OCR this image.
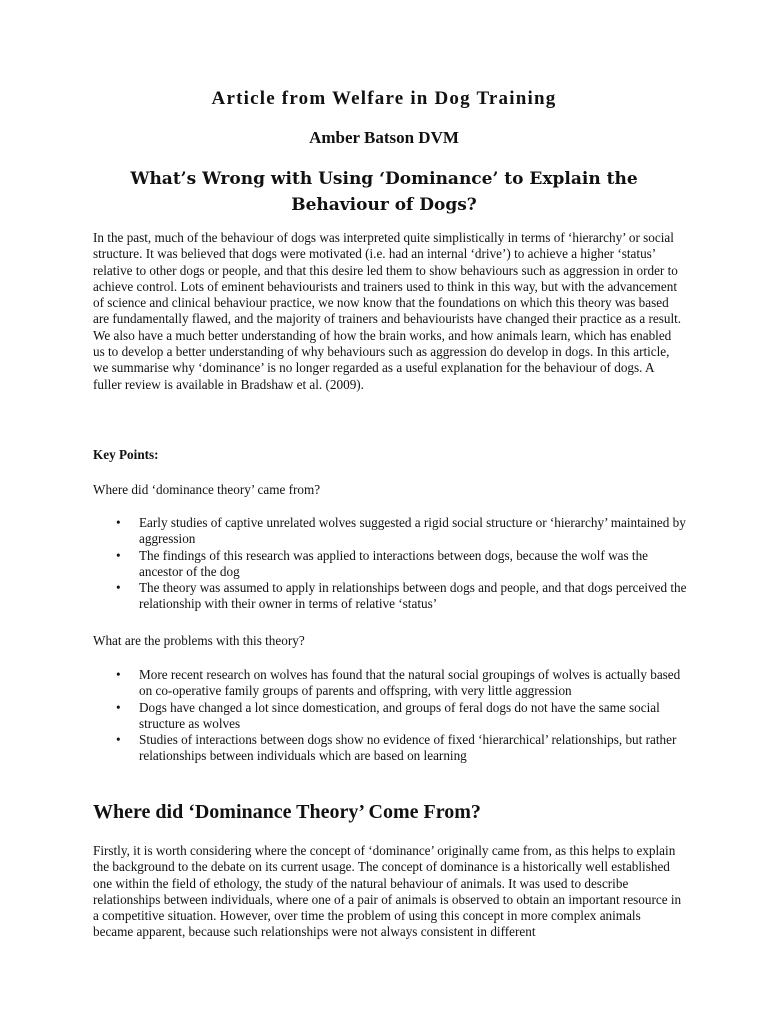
Article from Welfare in Dog Training
Amber Batson DVM
What’s Wrong with Using ‘Dominance’ to Explain the Behaviour of Dogs?
In the past, much of the behaviour of dogs was interpreted quite simplistically in terms of ‘hierarchy’ or social structure. It was believed that dogs were motivated (i.e. had an internal ‘drive’) to achieve a higher ‘status’ relative to other dogs or people, and that this desire led them to show behaviours such as aggression in order to achieve control. Lots of eminent behaviourists and trainers used to think in this way, but with the advancement of science and clinical behaviour practice, we now know that the foundations on which this theory was based are fundamentally flawed, and the majority of trainers and behaviourists have changed their practice as a result. We also have a much better understanding of how the brain works, and how animals learn, which has enabled us to develop a better understanding of why behaviours such as aggression do develop in dogs. In this article, we summarise why ‘dominance’ is no longer regarded as a useful explanation for the behaviour of dogs. A fuller review is available in Bradshaw et al. (2009).
Key Points:
Where did ‘dominance theory’ came from?
• Early studies of captive unrelated wolves suggested a rigid social structure or ‘hierarchy’ maintained by aggression
• The findings of this research was applied to interactions between dogs, because the wolf was the ancestor of the dog
• The theory was assumed to apply in relationships between dogs and people, and that dogs perceived the relationship with their owner in terms of relative ‘status’
What are the problems with this theory?
• More recent research on wolves has found that the natural social groupings of wolves is actually based on co-operative family groups of parents and offspring, with very little aggression
• Dogs have changed a lot since domestication, and groups of feral dogs do not have the same social structure as wolves
• Studies of interactions between dogs show no evidence of fixed ‘hierarchical’ relationships, but rather relationships between individuals which are based on learning
Where did ‘Dominance Theory’ Come From?
Firstly, it is worth considering where the concept of ‘dominance’ originally came from, as this helps to explain the background to the debate on its current usage. The concept of dominance is a historically well established one within the field of ethology, the study of the natural behaviour of animals. It was used to describe relationships between individuals, where one of a pair of animals is observed to obtain an important resource in a competitive situation. However, over time the problem of using this concept in more complex animals became apparent, because such relationships were not always consistent in different
